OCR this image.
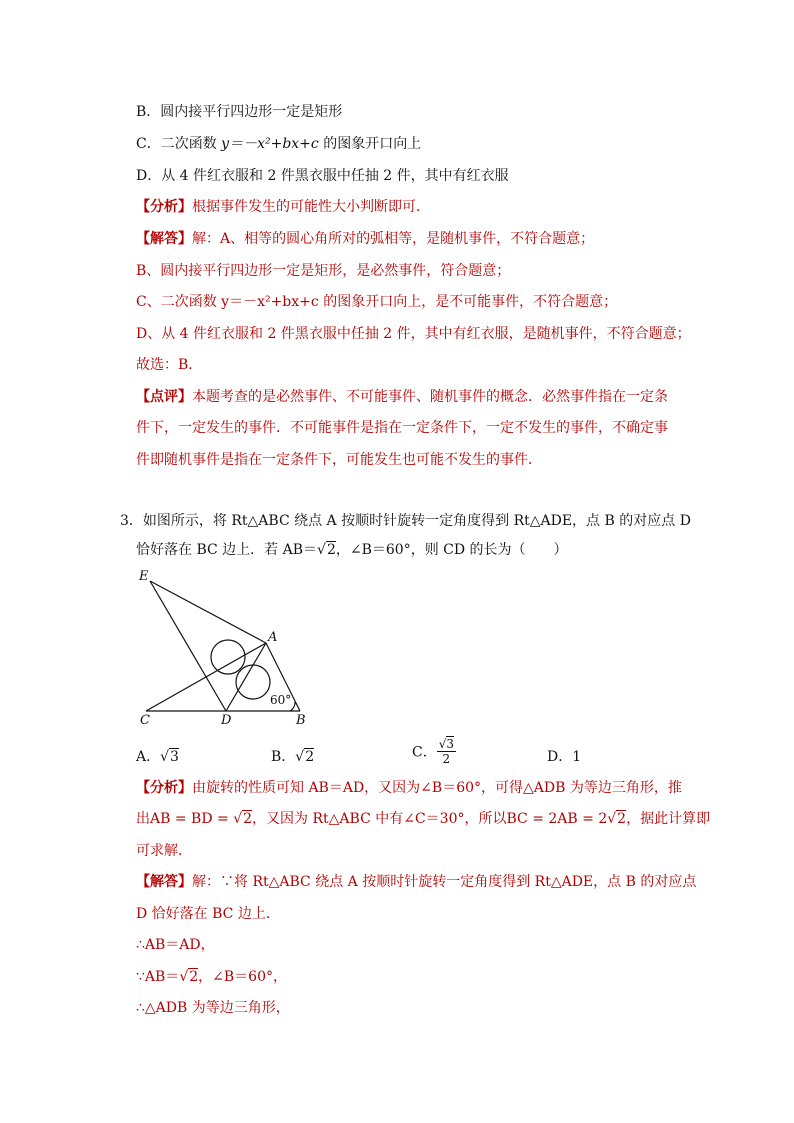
B．圆内接平行四边形一定是矩形
C．二次函数 y＝－x²+bx+c 的图象开口向上
D．从 4 件红衣服和 2 件黑衣服中任抽 2 件，其中有红衣服
【分析】根据事件发生的可能性大小判断即可．
【解答】解：A、相等的圆心角所对的弧相等，是随机事件，不符合题意；
B、圆内接平行四边形一定是矩形，是必然事件，符合题意；
C、二次函数 y＝－x²+bx+c 的图象开口向上，是不可能事件，不符合题意；
D、从 4 件红衣服和 2 件黑衣服中任抽 2 件，其中有红衣服，是随机事件，不符合题意；
故选：B．
【点评】本题考查的是必然事件、不可能事件、随机事件的概念．必然事件指在一定条
件下，一定发生的事件．不可能事件是指在一定条件下，一定不发生的事件，不确定事
件即随机事件是指在一定条件下，可能发生也可能不发生的事件．
3．如图所示，将 Rt△ABC 绕点 A 按顺时针旋转一定角度得到 Rt△ADE，点 B 的对应点 D
恰好落在 BC 边上．若 AB＝√2，∠B＝60°，则 CD 的长为（　　）
E
A
C	D	B
60°
A．√3	B．√2	C． $\frac{√3}{2}$	D．1
【分析】由旋转的性质可知 AB＝AD，又因为∠B＝60°，可得△ADB 为等边三角形，推
出AB = BD = √2，又因为 Rt△ABC 中有∠C＝30°，所以BC = 2AB = 2√2，据此计算即
可求解．
【解答】解：∵将 Rt△ABC 绕点 A 按顺时针旋转一定角度得到 Rt△ADE，点 B 的对应点
D 恰好落在 BC 边上．
∴AB＝AD，
∵AB＝√2，∠B＝60°，
∴△ADB 为等边三角形，
